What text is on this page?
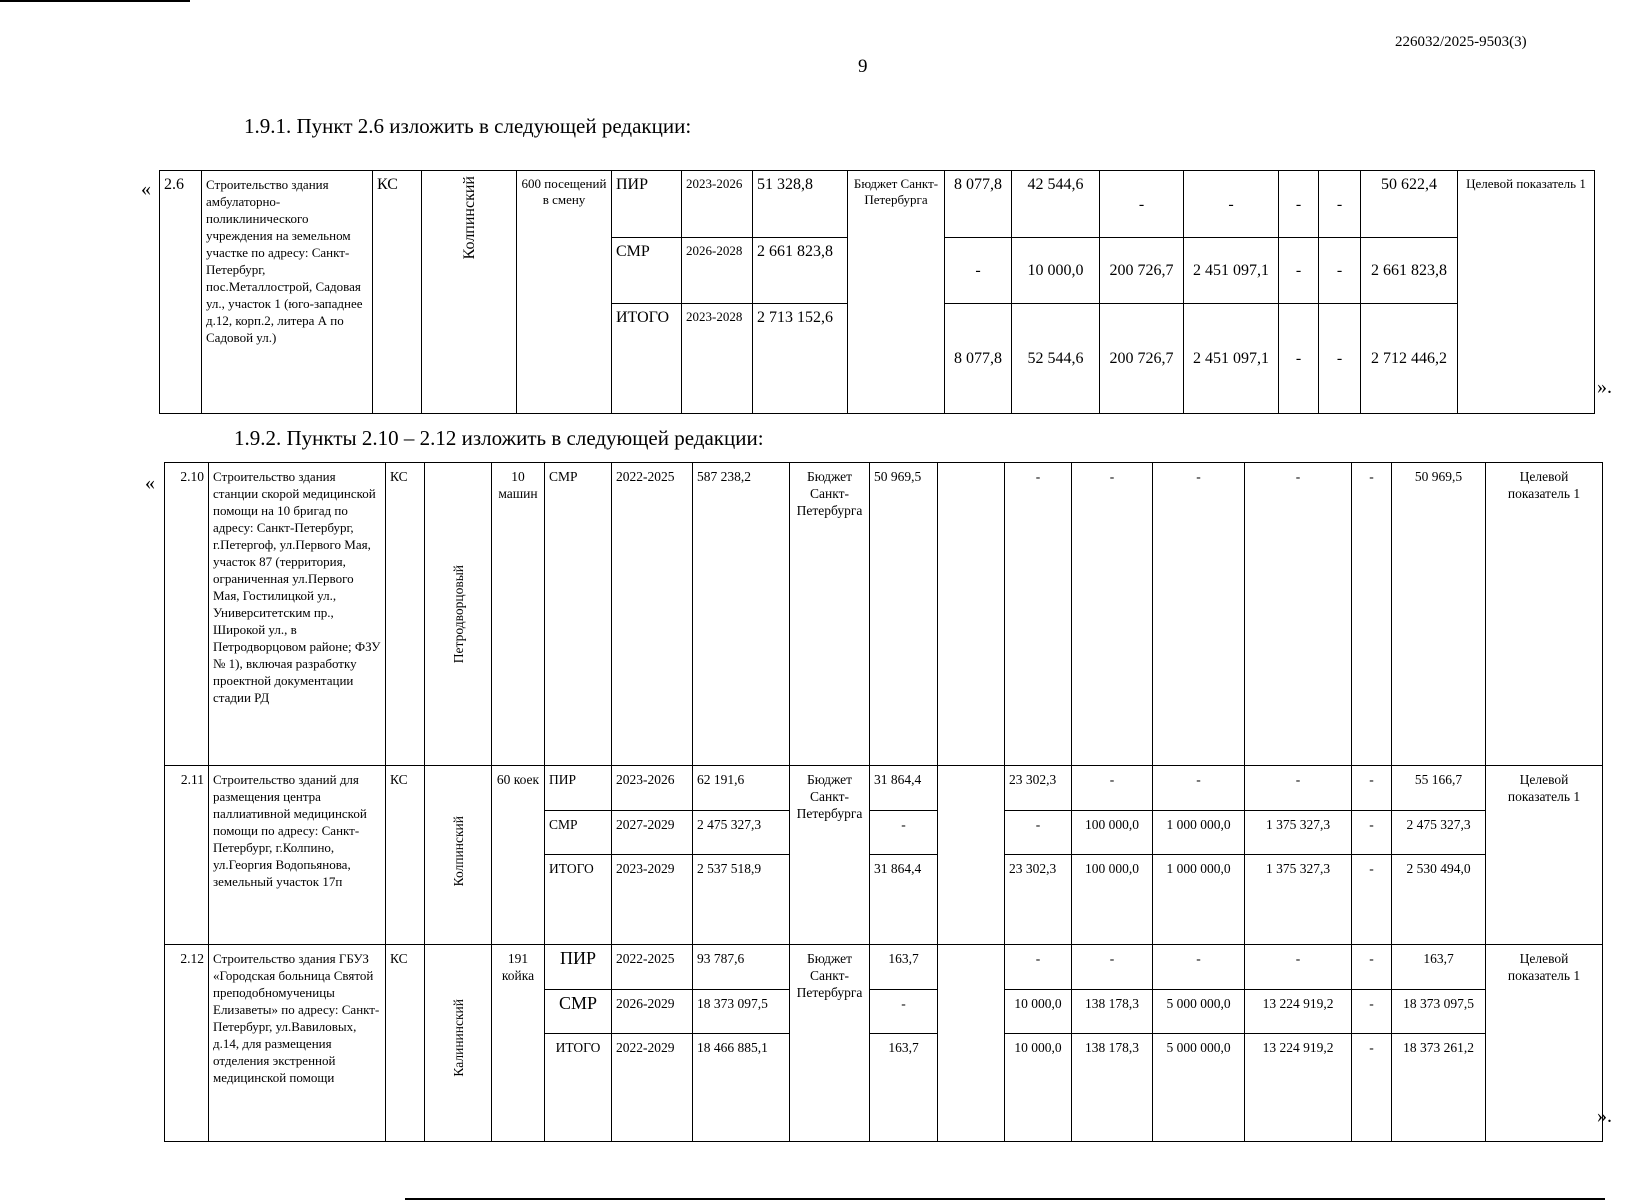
226032/2025-9503(3)
9
1.9.1. Пункт 2.6 изложить в следующей редакции:
« 2.6	Строительство здания амбулаторно-поликлинического учреждения на земельном участке по адресу: Санкт-Петербург, пос.Металлострой, Садовая ул., участок 1 (юго-западнее д.12, корп.2, литера А по Садовой ул.)	КС	Колпинский	600 посещений в смену	ПИР	2023-2026	51 328,8	Бюджет Санкт-Петербурга	8 077,8	42 544,6	-	-	-	-	50 622,4	Целевой показатель 1
					СМР	2026-2028	2 661 823,8		-	10 000,0	200 726,7	2 451 097,1	-	-	2 661 823,8	
					ИТОГО	2023-2028	2 713 152,6		8 077,8	52 544,6	200 726,7	2 451 097,1	-	-	2 712 446,2	
».
1.9.2. Пункты 2.10 – 2.12 изложить в следующей редакции:
« 2.10	Строительство здания станции скорой медицинской помощи на 10 бригад по адресу: Санкт-Петербург, г.Петергоф, ул.Первого Мая, участок 87 (территория, ограниченная ул.Первого Мая, Гостилицкой ул., Университетским пр., Широкой ул., в Петродворцовом районе; ФЗУ № 1), включая разработку проектной документации стадии РД	КС	Петродворцовый	10 машин	СМР	2022-2025	587 238,2	Бюджет Санкт-Петербурга	50 969,5		-	-	-	-	-	50 969,5	Целевой показатель 1
2.11	Строительство зданий для размещения центра паллиативной медицинской помощи по адресу: Санкт-Петербург, г.Колпино, ул.Георгия Водопьянова, земельный участок 17п	КС	Колпинский	60 коек	ПИР	2023-2026	62 191,6	Бюджет Санкт-Петербурга	31 864,4		23 302,3	-	-	-	-	55 166,7	Целевой показатель 1
					СМР	2027-2029	2 475 327,3		-		-	100 000,0	1 000 000,0	1 375 327,3	-	2 475 327,3	
					ИТОГО	2023-2029	2 537 518,9		31 864,4		23 302,3	100 000,0	1 000 000,0	1 375 327,3	-	2 530 494,0	
2.12	Строительство здания ГБУЗ «Городская больница Святой преподобномученицы Елизаветы» по адресу: Санкт-Петербург, ул.Вавиловых, д.14, для размещения отделения экстренной медицинской помощи	КС	Калининский	191 койка	ПИР	2022-2025	93 787,6	Бюджет Санкт-Петербурга	163,7		-	-	-	-	-	163,7	Целевой показатель 1
					СМР	2026-2029	18 373 097,5		-		10 000,0	138 178,3	5 000 000,0	13 224 919,2	-	18 373 097,5	
					ИТОГО	2022-2029	18 466 885,1		163,7		10 000,0	138 178,3	5 000 000,0	13 224 919,2	-	18 373 261,2	
».
